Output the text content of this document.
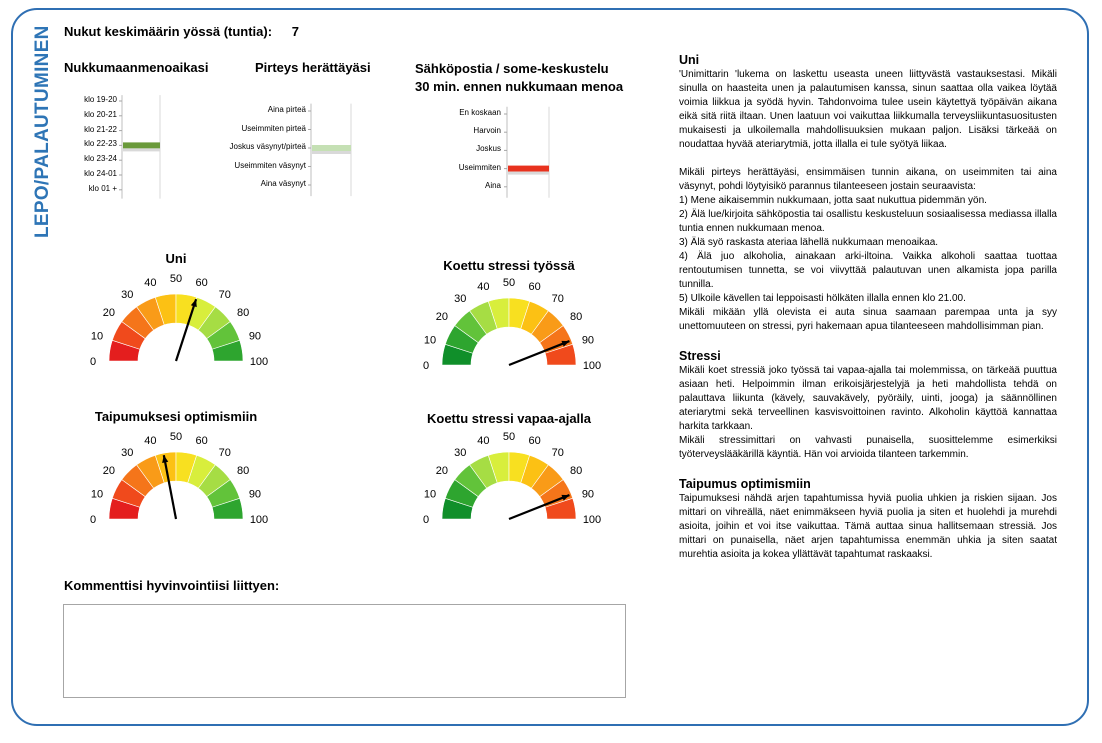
LEPO/PALAUTUMINEN Nukut keskimäärin yössä (tuntia): 7
Nukkumaanmenoaikasi
klo 19-20
klo 20-21
klo 21-22
klo 22-23
klo 23-24
klo 24-01
klo 01 +
Pirteys herättäyäsi
Aina pirteä
Useimmiten pirteä
Joskus väsynyt/pirteä
Useimmiten väsynyt
Aina väsynyt
Sähköpostia / some-keskustelu
30 min. ennen nukkumaan menoa
En koskaan
Harvoin
Joskus
Useimmiten
Aina
Uni
0
10
20
30
40 50 60
70
80
90
100
Koettu stressi työssä
0
10
20
30
40 50 60
70
80
90
100
Taipumuksesi optimismiin
0
10
20
30
40 50 60
70
80
90
100
Koettu stressi vapaa-ajalla
0
10
20
30
40 50 60
70
80
90
100
Kommenttisi hyvinvointiisi liittyen:
Uni

'Unimittarin 'lukema on laskettu useasta uneen liittyvästä vastauksestasi. Mikäli sinulla on haasteita unen ja palautumisen kanssa, sinun saattaa olla vaikea löytää voimia liikkua ja syödä hyvin. Tahdonvoima tulee usein käytettyä työpäivän aikana eikä sitä riitä iltaan. Unen laatuun voi vaikuttaa liikkumalla terveysliikuntasuositusten mukaisesti ja ulkoilemalla mahdollisuuksien mukaan paljon. Lisäksi tärkeää on noudattaa hyvää ateriarytmiä, jotta illalla ei tule syötyä liikaa.

Mikäli pirteys herättäyäsi, ensimmäisen tunnin aikana, on useimmiten tai aina väsynyt, pohdi löytyisikö parannus tilanteeseen jostain seuraavista:

1) Mene aikaisemmin nukkumaan, jotta saat nukuttua pidemmän yön.

2) Älä lue/kirjoita sähköpostia tai osallistu keskusteluun sosiaalisessa mediassa illalla tuntia ennen nukkumaan menoa.

3) Älä syö raskasta ateriaa lähellä nukkumaan menoaikaa.

4) Älä juo alkoholia, ainakaan arki-iltoina. Vaikka alkoholi saattaa tuottaa rentoutumisen tunnetta, se voi viivyttää palautuvan unen alkamista jopa parilla tunnilla.

5) Ulkoile kävellen tai leppoisasti hölkäten illalla ennen klo 21.00.

Mikäli mikään yllä olevista ei auta sinua saamaan parempaa unta ja syy unettomuuteen on stressi, pyri hakemaan apua tilanteeseen mahdollisimman pian.

Stressi

Mikäli koet stressiä joko työssä tai vapaa-ajalla tai molemmissa, on tärkeää puuttua asiaan heti. Helpoimmin ilman erikoisjärjestelyjä ja heti mahdollista tehdä on palauttava liikunta (kävely, sauvakävely, pyöräily, uinti, jooga) ja säännöllinen ateriarytmi sekä terveellinen kasvisvoittoinen ravinto. Alkoholin käyttöä kannattaa harkita tarkkaan.

Mikäli stressimittari on vahvasti punaisella, suosittelemme esimerkiksi työterveyslääkärillä käyntiä. Hän voi arvioida tilanteen tarkemmin.

Taipumus optimismiin

Taipumuksesi nähdä arjen tapahtumissa hyviä puolia uhkien ja riskien sijaan. Jos mittari on vihreällä, näet enimmäkseen hyviä puolia ja siten et huolehdi ja murehdi asioita, joihin et voi itse vaikuttaa. Tämä auttaa sinua hallitsemaan stressiä. Jos mittari on punaisella, näet arjen tapahtumissa enemmän uhkia ja siten saatat murehtia asioita ja kokea yllättävät tapahtumat raskaaksi.
